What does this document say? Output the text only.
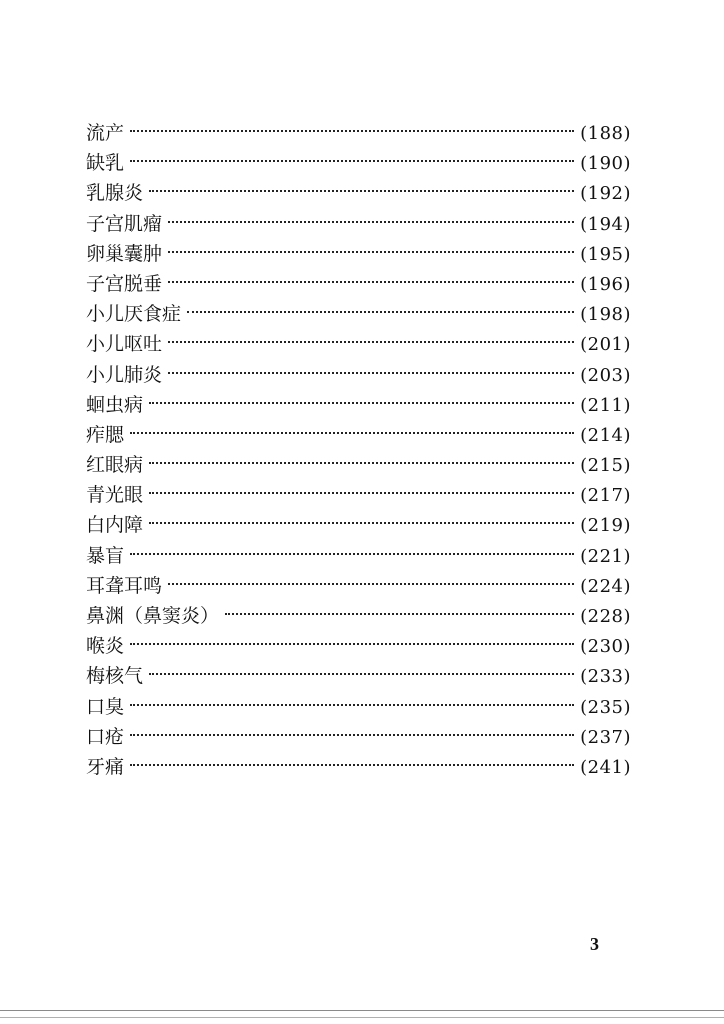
流产	(188)
缺乳	(190)
乳腺炎	(192)
子宫肌瘤	(194)
卵巢囊肿	(195)
子宫脱垂	(196)
小儿厌食症	(198)
小儿呕吐	(201)
小儿肺炎	(203)
蛔虫病	(211)
痄腮	(214)
红眼病	(215)
青光眼	(217)
白内障	(219)
暴盲	(221)
耳聋耳鸣	(224)
鼻渊（鼻窦炎）	(228)
喉炎	(230)
梅核气	(233)
口臭	(235)
口疮	(237)
牙痛	(241)
3
